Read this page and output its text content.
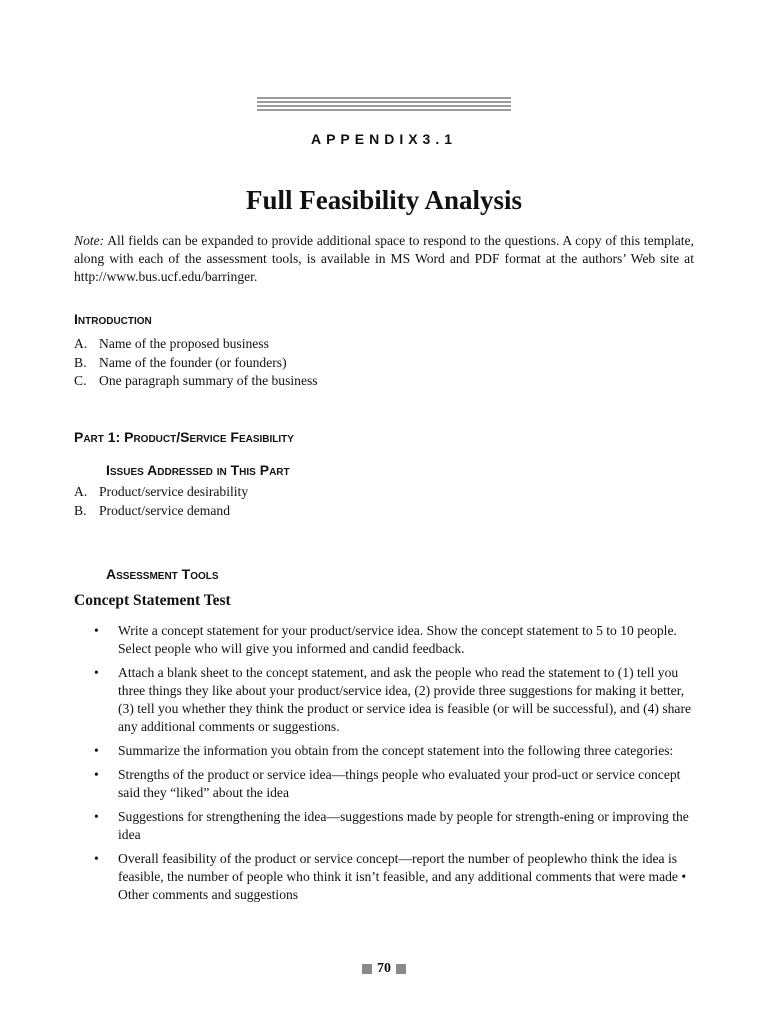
APPENDIX3.1
Full Feasibility Analysis

Note: All fields can be expanded to provide additional space to respond to the questions. A copy of this template, along with each of the assessment tools, is available in MS Word and PDF format at the authors’ Web site at http://www.bus.ucf.edu/barringer.

Introduction
A. Name of the proposed business
B. Name of the founder (or founders)
C. One paragraph summary of the business
Part 1: Product/Service Feasibility
Issues Addressed in This Part
A. Product/service desirability
B. Product/service demand
Assessment Tools
Concept Statement Test
•	Write a concept statement for your product/service idea. Show the concept statement to 5 to 10 people. Select people who will give you informed and candid feedback.
•	Attach a blank sheet to the concept statement, and ask the people who read the statement to (1) tell you three things they like about your product/service idea, (2) provide three suggestions for making it better, (3) tell you whether they think the product or service idea is feasible (or will be successful), and (4) share any additional comments or suggestions.
•	Summarize the information you obtain from the concept statement into the following three categories:
•	Strengths of the product or service idea—things people who evaluated your prod-uct or service concept said they “liked” about the idea
•	Suggestions for strengthening the idea—suggestions made by people for strength-ening or improving the idea
•	Overall feasibility of the product or service concept—report the number of peoplewho think the idea is feasible, the number of people who think it isn’t feasible, and any additional comments that were made • Other comments and suggestions
70
